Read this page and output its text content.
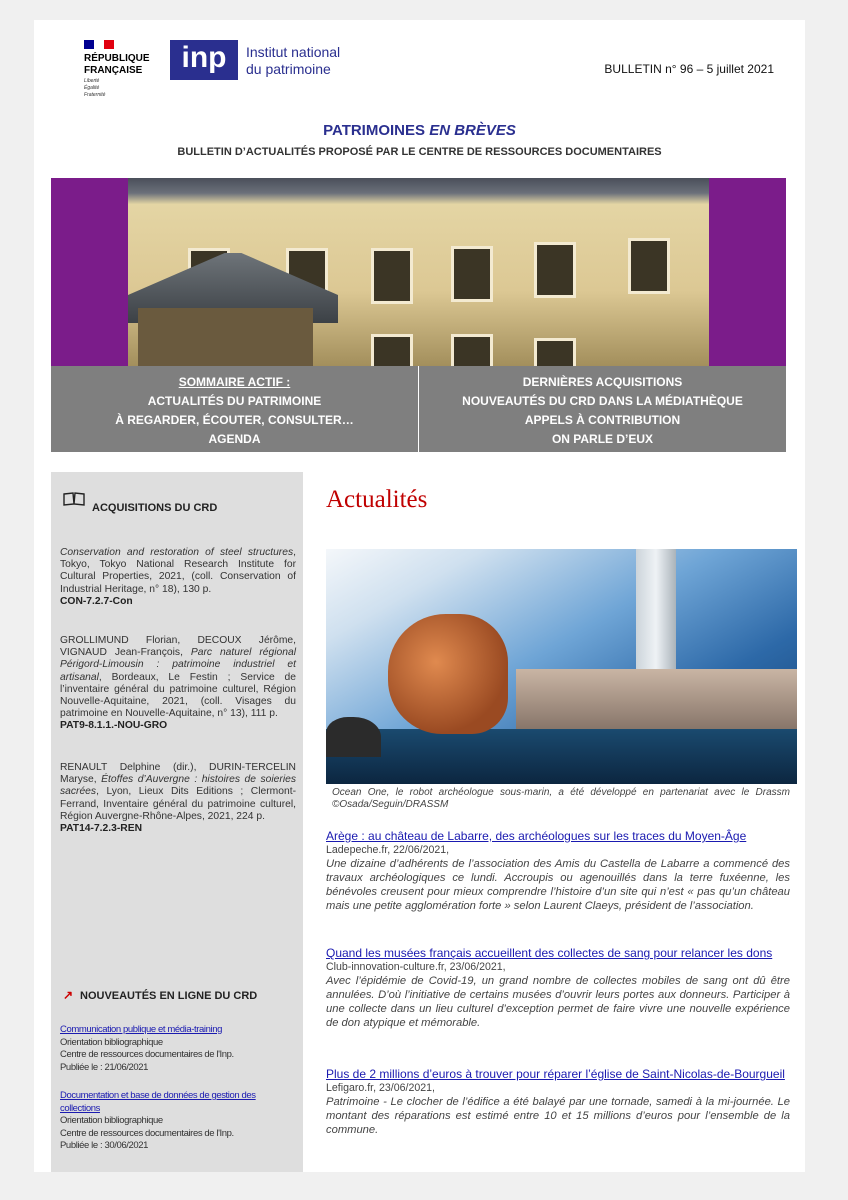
RÉPUBLIQUE
FRANÇAISE
Liberté
Égalité
Fraternité
inp	Institut national
du patrimoine	BULLETIN n° 96 – 5 juillet 2021
PATRIMOINES EN BRÈVES
BULLETIN D’ACTUALITÉS PROPOSÉ PAR LE CENTRE DE RESSOURCES DOCUMENTAIRES
SOMMAIRE ACTIF :
ACTUALITÉS DU PATRIMOINE
À REGARDER, ÉCOUTER, CONSULTER…
AGENDA
DERNIÈRES ACQUISITIONS
NOUVEAUTÉS DU CRD DANS LA MÉDIATHÈQUE
APPELS À CONTRIBUTION
ON PARLE D’EUX
ACQUISITIONS DU CRD
Conservation and restoration of steel structures, Tokyo, Tokyo National Research Institute for Cultural Properties, 2021, (coll. Conservation of Industrial Heritage, n° 18), 130 p.
CON-7.2.7-Con
GROLLIMUND Florian, DECOUX Jérôme, VIGNAUD Jean-François, Parc naturel régional Périgord-Limousin : patrimoine industriel et artisanal, Bordeaux, Le Festin ; Service de l’inventaire général du patrimoine culturel, Région Nouvelle-Aquitaine, 2021, (coll. Visages du patrimoine en Nouvelle-Aquitaine, n° 13), 111 p.
PAT9-8.1.1.-NOU-GRO
RENAULT Delphine (dir.), DURIN-TERCELIN Maryse, Étoffes d’Auvergne : histoires de soieries sacrées, Lyon, Lieux Dits Editions ; Clermont-Ferrand, Inventaire général du patrimoine culturel, Région Auvergne-Rhône-Alpes, 2021, 224 p.
PAT14-7.2.3-REN
↗ NOUVEAUTÉS EN LIGNE DU CRD
Communication publique et média-training
Orientation bibliographique
Centre de ressources documentaires de l'Inp.
Publiée le : 21/06/2021
Documentation et base de données de gestion des collections
Orientation bibliographique
Centre de ressources documentaires de l'Inp.
Publiée le : 30/06/2021
Actualités
Ocean One, le robot archéologue sous-marin, a été développé en partenariat avec le Drassm ©Osada/Seguin/DRASSM
Arège : au château de Labarre, des archéologues sur les traces du Moyen-Âge
Ladepeche.fr, 22/06/2021,
Une dizaine d’adhérents de l’association des Amis du Castella de Labarre a commencé des travaux archéologiques ce lundi. Accroupis ou agenouillés dans la terre fuxéenne, les bénévoles creusent pour mieux comprendre l’histoire d’un site qui n’est « pas qu’un château mais une petite agglomération forte » selon Laurent Claeys, président de l’association.
Quand les musées français accueillent des collectes de sang pour relancer les dons
Club-innovation-culture.fr, 23/06/2021,
Avec l’épidémie de Covid-19, un grand nombre de collectes mobiles de sang ont dû être annulées. D’où l’initiative de certains musées d’ouvrir leurs portes aux donneurs. Participer à une collecte dans un lieu culturel d’exception permet de faire vivre une nouvelle expérience de don atypique et mémorable.
Plus de 2 millions d’euros à trouver pour réparer l’église de Saint-Nicolas-de-Bourgueil
Lefigaro.fr, 23/06/2021,
Patrimoine - Le clocher de l’édifice a été balayé par une tornade, samedi à la mi-journée. Le montant des réparations est estimé entre 10 et 15 millions d’euros pour l’ensemble de la commune.
